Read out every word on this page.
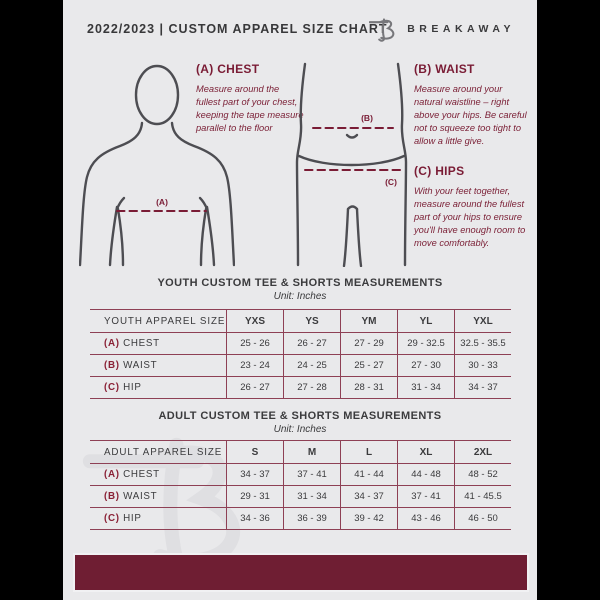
2022/2023 | CUSTOM APPAREL SIZE CHART BREAKAWAY
(A)
(A) CHEST

Measure around the fullest part of your chest, keeping the tape measure parallel to the floor

(B)
(C)
(B) WAIST

Measure around your natural waistline – right above your hips. Be careful not to squeeze too tight to allow a little give.

(C) HIPS

With your feet together, measure around the fullest part of your hips to ensure you'll have enough room to move comfortably.

YOUTH CUSTOM TEE & SHORTS MEASUREMENTS
Unit: Inches
YOUTH APPAREL SIZE	YXS	YS	YM	YL	YXL
(A) CHEST	25 - 26	26 - 27	27 - 29	29 - 32.5	32.5 - 35.5
(B) WAIST	23 - 24	24 - 25	25 - 27	27 - 30	30 - 33
(C) HIP	26 - 27	27 - 28	28 - 31	31 - 34	34 - 37
ADULT CUSTOM TEE & SHORTS MEASUREMENTS
Unit: Inches
ADULT APPAREL SIZE	S	M	L	XL	2XL
(A) CHEST	34 - 37	37 - 41	41 - 44	44 - 48	48 - 52
(B) WAIST	29 - 31	31 - 34	34 - 37	37 - 41	41 - 45.5
(C) HIP	34 - 36	36 - 39	39 - 42	43 - 46	46 - 50
